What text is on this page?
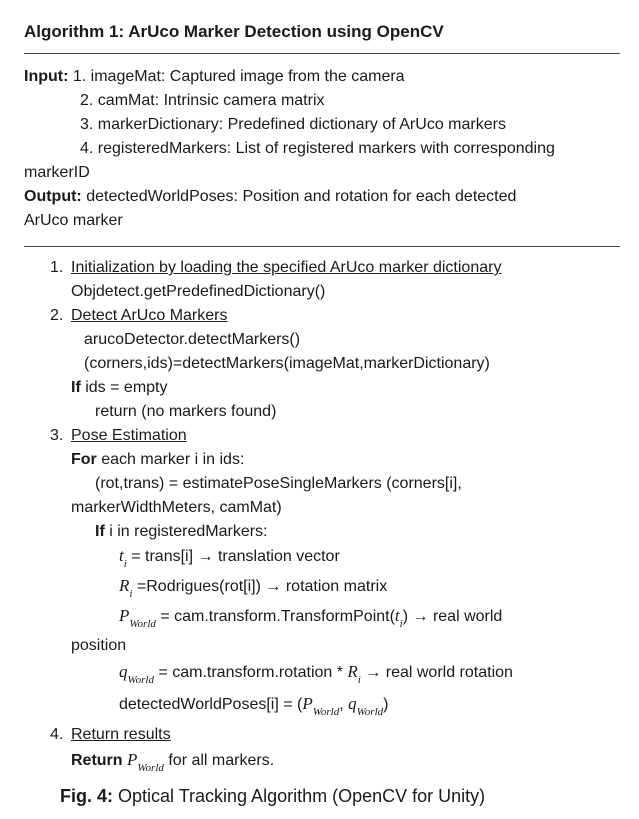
Algorithm 1: ArUco Marker Detection using OpenCV
Input: 1. imageMat: Captured image from the camera
2. camMat: Intrinsic camera matrix
3. markerDictionary: Predefined dictionary of ArUco markers
4. registeredMarkers: List of registered markers with corresponding
markerID
Output: detectedWorldPoses: Position and rotation for each detected
ArUco marker
1. Initialization by loading the specified ArUco marker dictionary
Objdetect.getPredefinedDictionary()
2. Detect ArUco Markers
arucoDetector.detectMarkers()
(corners,ids)=detectMarkers(imageMat,markerDictionary)
If ids = empty
return (no markers found)
3. Pose Estimation
For each marker i in ids:
(rot,trans) = estimatePoseSingleMarkers (corners[i],
markerWidthMeters, camMat)
If i in registeredMarkers:
$t_i$ = trans[i] → translation vector
$R_i$ =Rodrigues(rot[i]) → rotation matrix
$P_{World}$ = $cam.transform.TransformPoint(t_i)$ → real world
position
$q_{World}$ = cam.transform.rotation * $R_i$ → real world rotation
detectedWorldPoses[i] = ($P_{World}$, $q_{World}$)
4. Return results
Return $P_{World}$ for all markers.
Fig. 4: Optical Tracking Algorithm (OpenCV for Unity)
